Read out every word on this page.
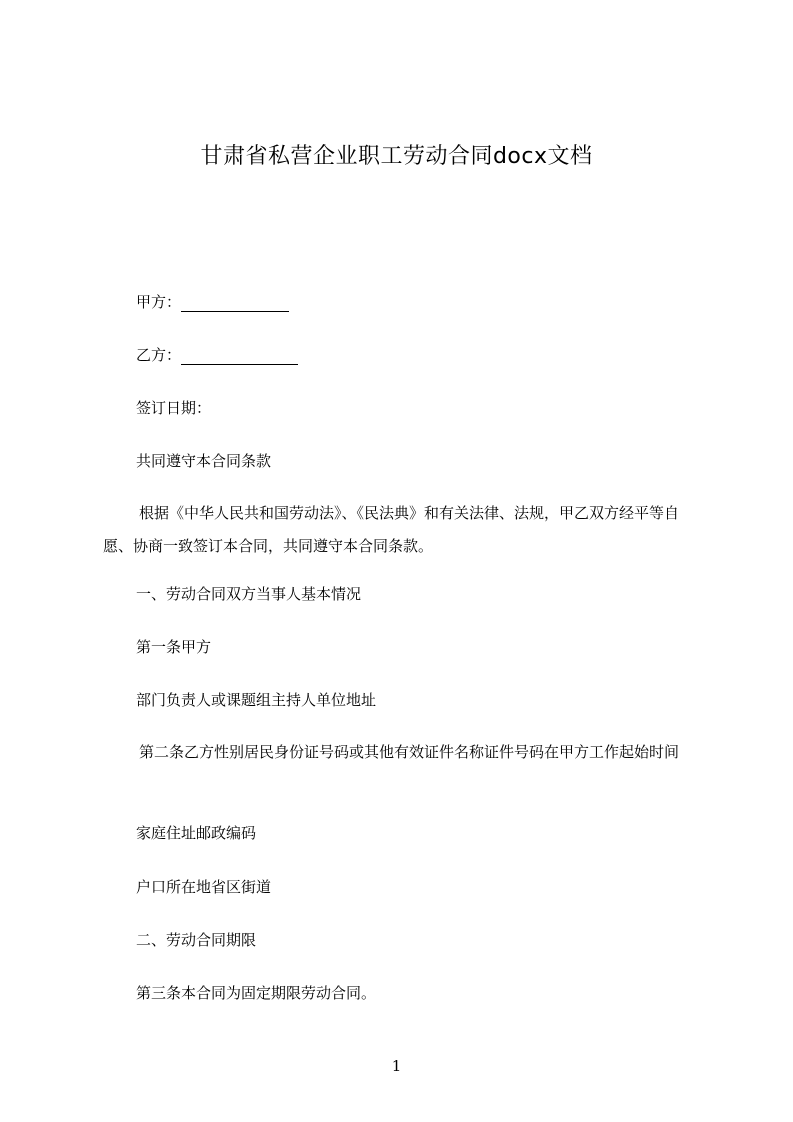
甘肃省私营企业职工劳动合同docx文档
甲方：
乙方：
签订日期：
共同遵守本合同条款
根据《中华人民共和国劳动法》、《民法典》和有关法律、法规，甲乙双方经平等自愿、协商一致签订本合同，共同遵守本合同条款。
一、劳动合同双方当事人基本情况
第一条甲方
部门负责人或课题组主持人单位地址
第二条乙方性别居民身份证号码或其他有效证件名称证件号码在甲方工作起始时间
家庭住址邮政编码
户口所在地省区街道
二、劳动合同期限
第三条本合同为固定期限劳动合同。
1
